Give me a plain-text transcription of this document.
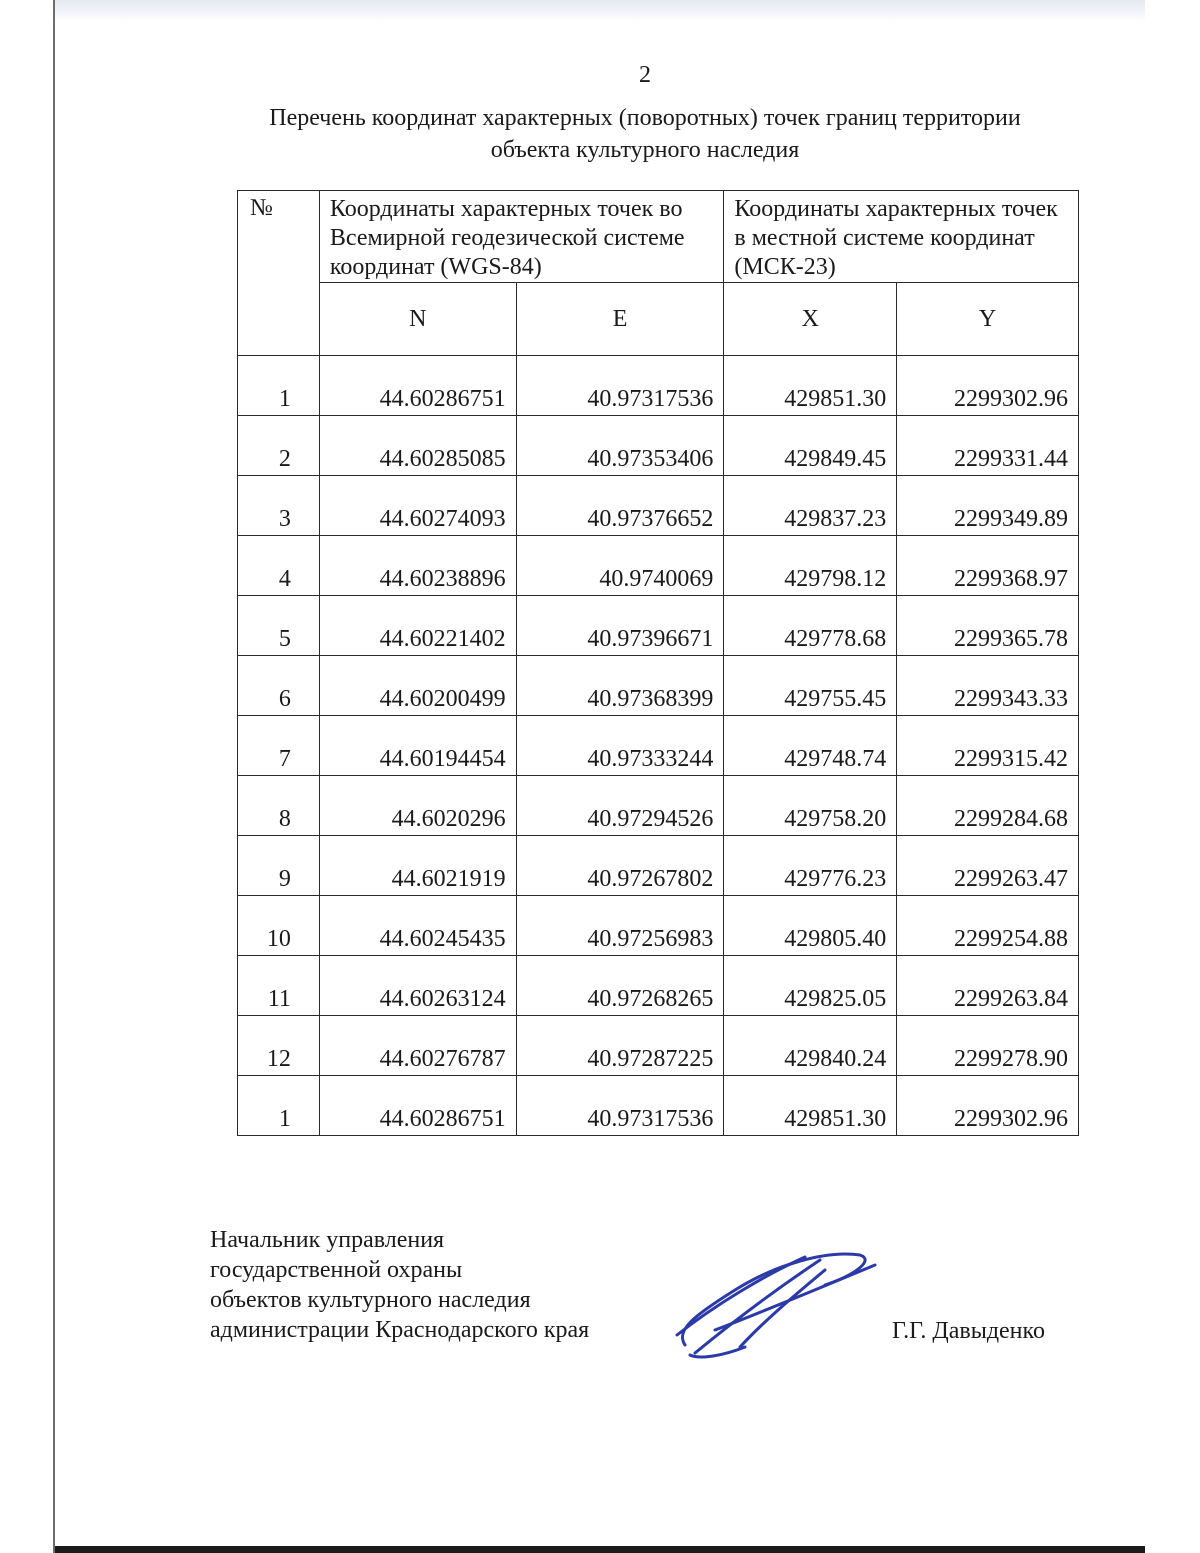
2
Перечень координат характерных (поворотных) точек границ территории
объекта культурного наследия
№	Координаты характерных точек во Всемирной геодезической системе координат (WGS-84)		Координаты характерных точек в местной системе координат (МСК-23)	
	N	E	X	Y
1	44.60286751	40.97317536	429851.30	2299302.96
2	44.60285085	40.97353406	429849.45	2299331.44
3	44.60274093	40.97376652	429837.23	2299349.89
4	44.60238896	40.9740069	429798.12	2299368.97
5	44.60221402	40.97396671	429778.68	2299365.78
6	44.60200499	40.97368399	429755.45	2299343.33
7	44.60194454	40.97333244	429748.74	2299315.42
8	44.6020296	40.97294526	429758.20	2299284.68
9	44.6021919	40.97267802	429776.23	2299263.47
10	44.60245435	40.97256983	429805.40	2299254.88
11	44.60263124	40.97268265	429825.05	2299263.84
12	44.60276787	40.97287225	429840.24	2299278.90
1	44.60286751	40.97317536	429851.30	2299302.96
Начальник управления
государственной охраны
объектов культурного наследия
администрации Краснодарского края	Г.Г. Давыденко
